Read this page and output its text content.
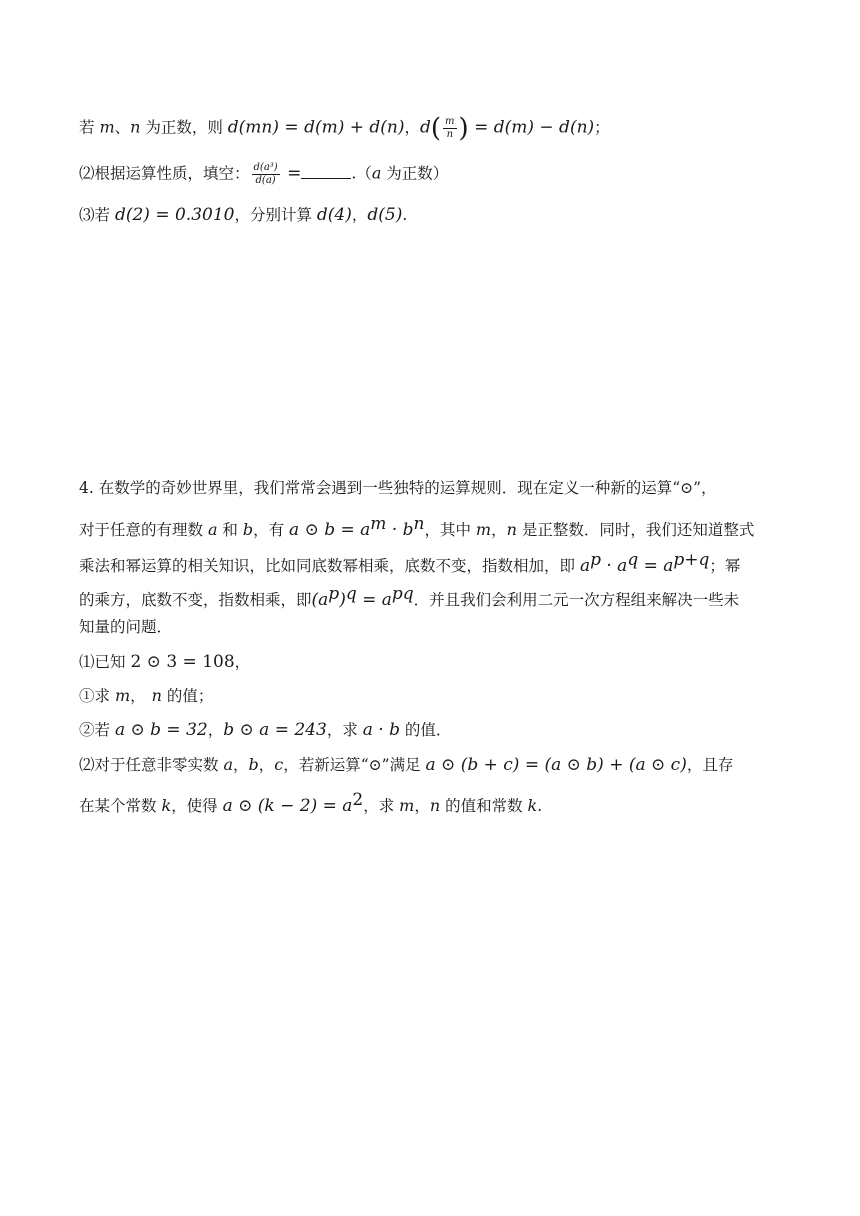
若 m、n 为正数，则 d(mn) = d(m) + d(n)，$d( \frac{m}{n}$ ) = d(m) − d(n)；
⑵根据运算性质，填空： $\frac{\text{d(a³)}}{d(a)}$ =	.（a 为正数）
⑶若 d(2) = 0.3010，分别计算 d(4)，d(5).
4. 在数学的奇妙世界里，我们常常会遇到一些独特的运算规则．现在定义一种新的运算“⊙”，
对于任意的有理数 a 和 b，有 a ⊙ $b = a^m \cdot b^n$，其中 m，n 是正整数．同时，我们还知道整式
乘法和幂运算的相关知识，比如同底数幂相乘，底数不变，指数相加，即 $a^p \cdot a^q = a^{p+q}$；幂
的乘方，底数不变，指数相乘，即$(a^p)^q = a^{pq}$．并且我们会利用二元一次方程组来解决一些未
知量的问题．
⑴已知 2 ⊙ 3 = 108，
①求 m， n 的值；
②若 a ⊙ b = 32，b ⊙ a = 243，求 a · b 的值．
⑵对于任意非零实数 a，b，c，若新运算“⊙”满足 a ⊙ (b + c) = (a ⊙ b) + (a ⊙ c)，且存
在某个常数 k，使得 a ⊙ $(k - 2) = a^2$，求 m，n 的值和常数 k.
